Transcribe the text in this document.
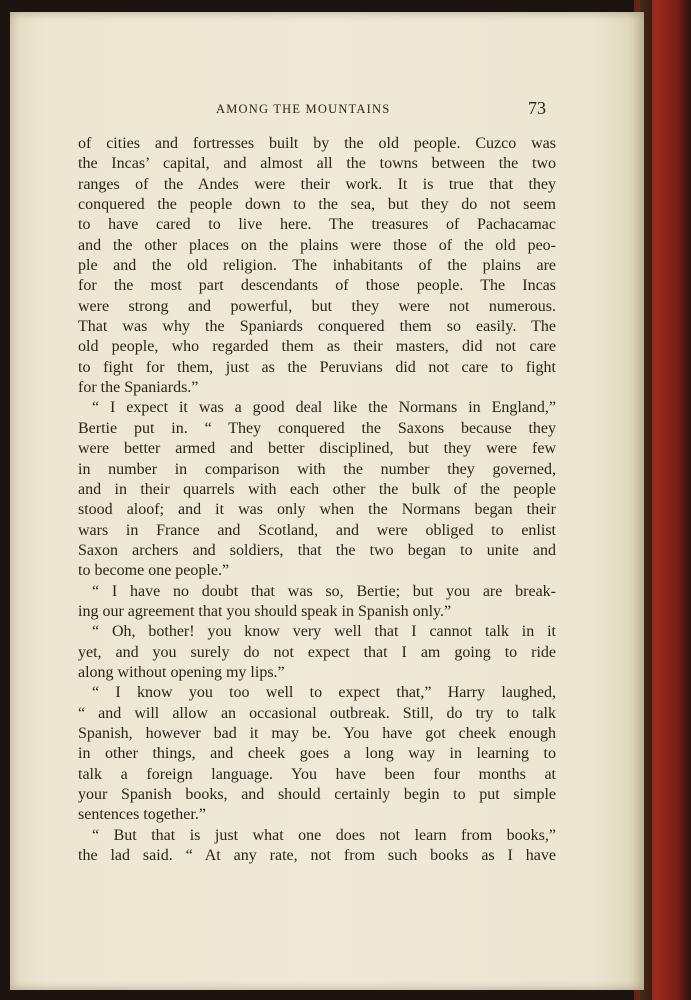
AMONG THE MOUNTAINS	73
of cities and fortresses built by the old people. Cuzco was
the Incas’ capital, and almost all the towns between the two
ranges of the Andes were their work. It is true that they
conquered the people down to the sea, but they do not seem
to have cared to live here. The treasures of Pachacamac
and the other places on the plains were those of the old peo-
ple and the old religion. The inhabitants of the plains are
for the most part descendants of those people. The Incas
were strong and powerful, but they were not numerous.
That was why the Spaniards conquered them so easily. The
old people, who regarded them as their masters, did not care
to fight for them, just as the Peruvians did not care to fight
for the Spaniards.”
“ I expect it was a good deal like the Normans in England,”
Bertie put in. “ They conquered the Saxons because they
were better armed and better disciplined, but they were few
in number in comparison with the number they governed,
and in their quarrels with each other the bulk of the people
stood aloof; and it was only when the Normans began their
wars in France and Scotland, and were obliged to enlist
Saxon archers and soldiers, that the two began to unite and
to become one people.”
“ I have no doubt that was so, Bertie; but you are break-
ing our agreement that you should speak in Spanish only.”
“ Oh, bother! you know very well that I cannot talk in it
yet, and you surely do not expect that I am going to ride
along without opening my lips.”
“ I know you too well to expect that,” Harry laughed,
“ and will allow an occasional outbreak. Still, do try to talk
Spanish, however bad it may be. You have got cheek enough
in other things, and cheek goes a long way in learning to
talk a foreign language. You have been four months at
your Spanish books, and should certainly begin to put simple
sentences together.”
“ But that is just what one does not learn from books,”
the lad said. “ At any rate, not from such books as I have
